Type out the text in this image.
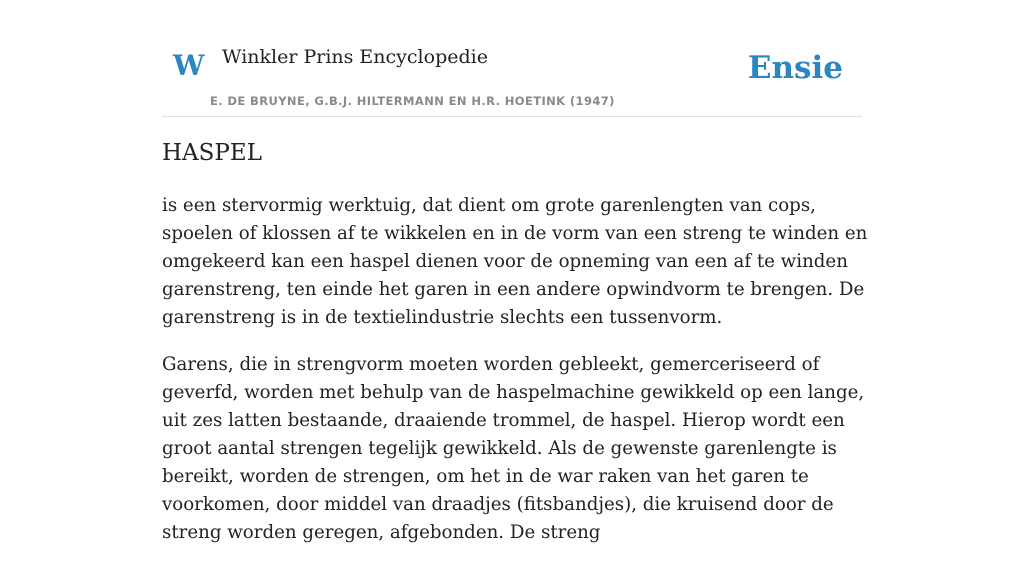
W Winkler Prins Encyclopedie
E. DE BRUYNE, G.B.J. HILTERMANN EN H.R. HOETINK (1947)
Ensie
HASPEL

is een stervormig werktuig, dat dient om grote garenlengten van cops, spoelen of klossen af te wikkelen en in de vorm van een streng te winden en omgekeerd kan een haspel dienen voor de opneming van een af te winden garenstreng, ten einde het garen in een andere opwindvorm te brengen. De garenstreng is in de textielindustrie slechts een tussenvorm.

Garens, die in strengvorm moeten worden gebleekt, gemerceriseerd of geverfd, worden met behulp van de haspelmachine gewikkeld op een lange, uit zes latten bestaande, draaiende trommel, de haspel. Hierop wordt een groot aantal strengen tegelijk gewikkeld. Als de gewenste garenlengte is bereikt, worden de strengen, om het in de war raken van het garen te voorkomen, door middel van draadjes (fitsbandjes), die kruisend door de streng worden geregen, afgebonden. De streng
